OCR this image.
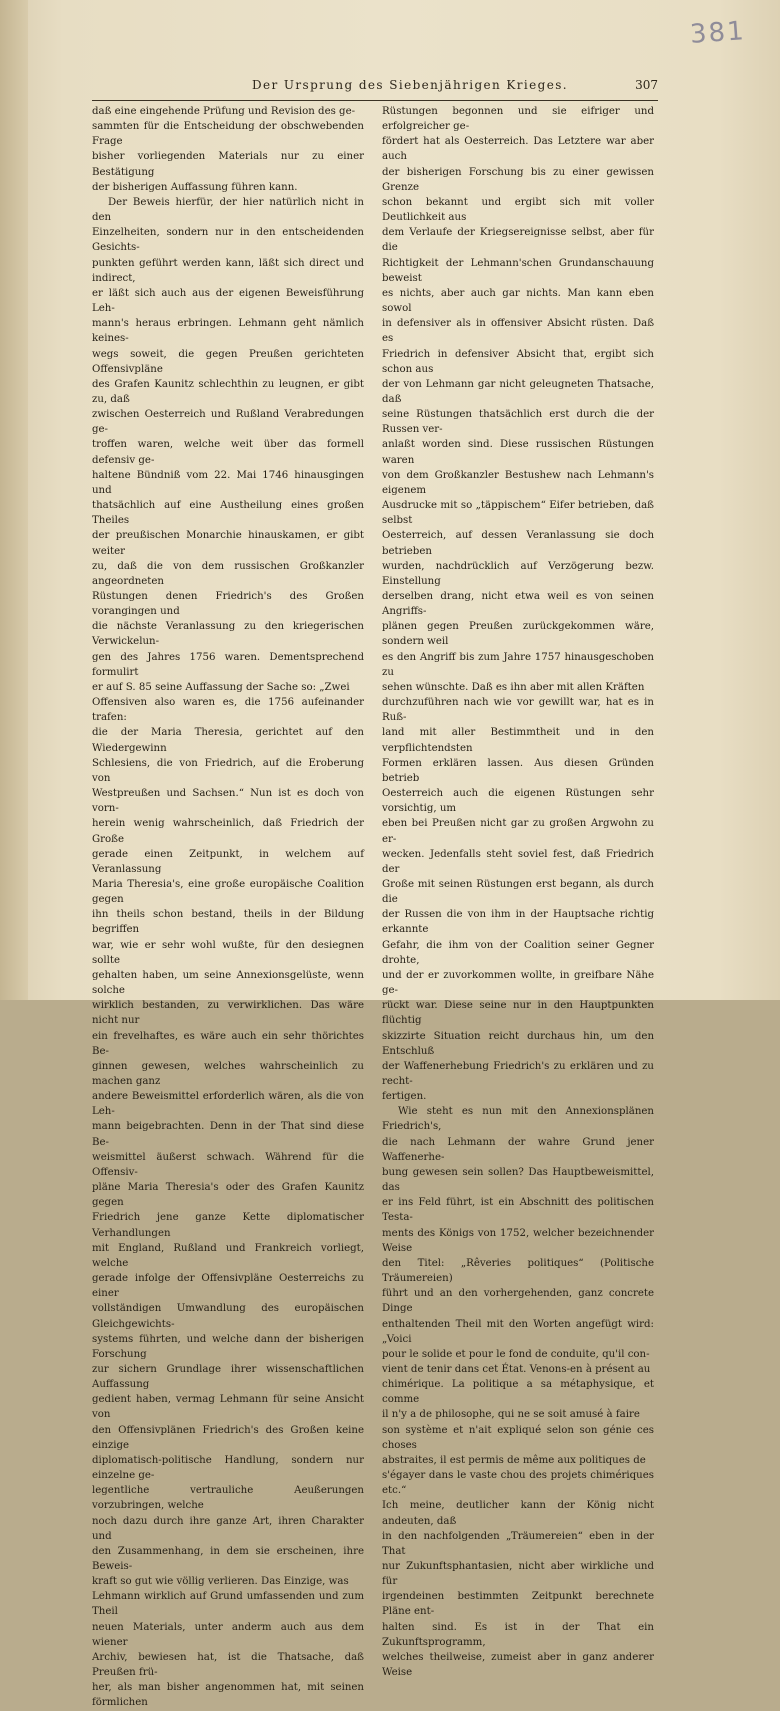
381
Der Ursprung des Siebenjährigen Krieges.	307

daß eine eingehende Prüfung und Revision des ge-
sammten für die Entscheidung der obschwebenden Frage
bisher vorliegenden Materials nur zu einer Bestätigung
der bisherigen Auffassung führen kann.

Der Beweis hierfür, der hier natürlich nicht in den
Einzelheiten, sondern nur in den entscheidenden Gesichts-
punkten geführt werden kann, läßt sich direct und indirect,
er läßt sich auch aus der eigenen Beweisführung Leh-
mann's heraus erbringen. Lehmann geht nämlich keines-
wegs soweit, die gegen Preußen gerichteten Offensivpläne
des Grafen Kaunitz schlechthin zu leugnen, er gibt zu, daß
zwischen Oesterreich und Rußland Verabredungen ge-
troffen waren, welche weit über das formell defensiv ge-
haltene Bündniß vom 22. Mai 1746 hinausgingen und
thatsächlich auf eine Austheilung eines großen Theiles
der preußischen Monarchie hinauskamen, er gibt weiter
zu, daß die von dem russischen Großkanzler angeordneten
Rüstungen denen Friedrich's des Großen vorangingen und
die nächste Veranlassung zu den kriegerischen Verwickelun-
gen des Jahres 1756 waren. Dementsprechend formulirt
er auf S. 85 seine Auffassung der Sache so: „Zwei
Offensiven also waren es, die 1756 aufeinander trafen:
die der Maria Theresia, gerichtet auf den Wiedergewinn
Schlesiens, die von Friedrich, auf die Eroberung von
Westpreußen und Sachsen.“ Nun ist es doch von vorn-
herein wenig wahrscheinlich, daß Friedrich der Große
gerade einen Zeitpunkt, in welchem auf Veranlassung
Maria Theresia's, eine große europäische Coalition gegen
ihn theils schon bestand, theils in der Bildung begriffen
war, wie er sehr wohl wußte, für den desiegnen sollte
gehalten haben, um seine Annexionsgelüste, wenn solche
wirklich bestanden, zu verwirklichen. Das wäre nicht nur
ein frevelhaftes, es wäre auch ein sehr thörichtes Be-
ginnen gewesen, welches wahrscheinlich zu machen ganz
andere Beweismittel erforderlich wären, als die von Leh-
mann beigebrachten. Denn in der That sind diese Be-
weismittel äußerst schwach. Während für die Offensiv-
pläne Maria Theresia's oder des Grafen Kaunitz gegen
Friedrich jene ganze Kette diplomatischer Verhandlungen
mit England, Rußland und Frankreich vorliegt, welche
gerade infolge der Offensivpläne Oesterreichs zu einer
vollständigen Umwandlung des europäischen Gleichgewichts-
systems führten, und welche dann der bisherigen Forschung
zur sichern Grundlage ihrer wissenschaftlichen Auffassung
gedient haben, vermag Lehmann für seine Ansicht von
den Offensivplänen Friedrich's des Großen keine einzige
diplomatisch-politische Handlung, sondern nur einzelne ge-
legentliche vertrauliche Aeußerungen vorzubringen, welche
noch dazu durch ihre ganze Art, ihren Charakter und
den Zusammenhang, in dem sie erscheinen, ihre Beweis-
kraft so gut wie völlig verlieren. Das Einzige, was
Lehmann wirklich auf Grund umfassenden und zum Theil
neuen Materials, unter anderm auch aus dem wiener
Archiv, bewiesen hat, ist die Thatsache, daß Preußen frü-
her, als man bisher angenommen hat, mit seinen förmlichen

Rüstungen begonnen und sie eifriger und erfolgreicher ge-
fördert hat als Oesterreich. Das Letztere war aber auch
der bisherigen Forschung bis zu einer gewissen Grenze
schon bekannt und ergibt sich mit voller Deutlichkeit aus
dem Verlaufe der Kriegsereignisse selbst, aber für die
Richtigkeit der Lehmann'schen Grundanschauung beweist
es nichts, aber auch gar nichts. Man kann eben sowol
in defensiver als in offensiver Absicht rüsten. Daß es
Friedrich in defensiver Absicht that, ergibt sich schon aus
der von Lehmann gar nicht geleugneten Thatsache, daß
seine Rüstungen thatsächlich erst durch die der Russen ver-
anlaßt worden sind. Diese russischen Rüstungen waren
von dem Großkanzler Bestushew nach Lehmann's eigenem
Ausdrucke mit so „täppischem“ Eifer betrieben, daß selbst
Oesterreich, auf dessen Veranlassung sie doch betrieben
wurden, nachdrücklich auf Verzögerung bezw. Einstellung
derselben drang, nicht etwa weil es von seinen Angriffs-
plänen gegen Preußen zurückgekommen wäre, sondern weil
es den Angriff bis zum Jahre 1757 hinausgeschoben zu
sehen wünschte. Daß es ihn aber mit allen Kräften
durchzuführen nach wie vor gewillt war, hat es in Ruß-
land mit aller Bestimmtheit und in den verpflichtendsten
Formen erklären lassen. Aus diesen Gründen betrieb
Oesterreich auch die eigenen Rüstungen sehr vorsichtig, um
eben bei Preußen nicht gar zu großen Argwohn zu er-
wecken. Jedenfalls steht soviel fest, daß Friedrich der
Große mit seinen Rüstungen erst begann, als durch die
der Russen die von ihm in der Hauptsache richtig erkannte
Gefahr, die ihm von der Coalition seiner Gegner drohte,
und der er zuvorkommen wollte, in greifbare Nähe ge-
rückt war. Diese seine nur in den Hauptpunkten flüchtig
skizzirte Situation reicht durchaus hin, um den Entschluß
der Waffenerhebung Friedrich's zu erklären und zu recht-
fertigen.

Wie steht es nun mit den Annexionsplänen Friedrich's,
die nach Lehmann der wahre Grund jener Waffenerhe-
bung gewesen sein sollen? Das Hauptbeweismittel, das
er ins Feld führt, ist ein Abschnitt des politischen Testa-
ments des Königs von 1752, welcher bezeichnender Weise
den Titel: „Rêveries politiques“ (Politische Träumereien)
führt und an den vorhergehenden, ganz concrete Dinge
enthaltenden Theil mit den Worten angefügt wird: „Voici
pour le solide et pour le fond de conduite, qu'il con-
vient de tenir dans cet État. Venons-en à présent au
chimérique. La politique a sa métaphysique, et comme
il n'y a de philosophe, qui ne se soit amusé à faire
son système et n'ait expliqué selon son génie ces choses
abstraites, il est permis de même aux politiques de
s'égayer dans le vaste chou des projets chimériques etc.“
Ich meine, deutlicher kann der König nicht andeuten, daß
in den nachfolgenden „Träumereien“ eben in der That
nur Zukunftsphantasien, nicht aber wirkliche und für
irgendeinen bestimmten Zeitpunkt berechnete Pläne ent-
halten sind. Es ist in der That ein Zukunftsprogramm,
welches theilweise, zumeist aber in ganz anderer Weise
